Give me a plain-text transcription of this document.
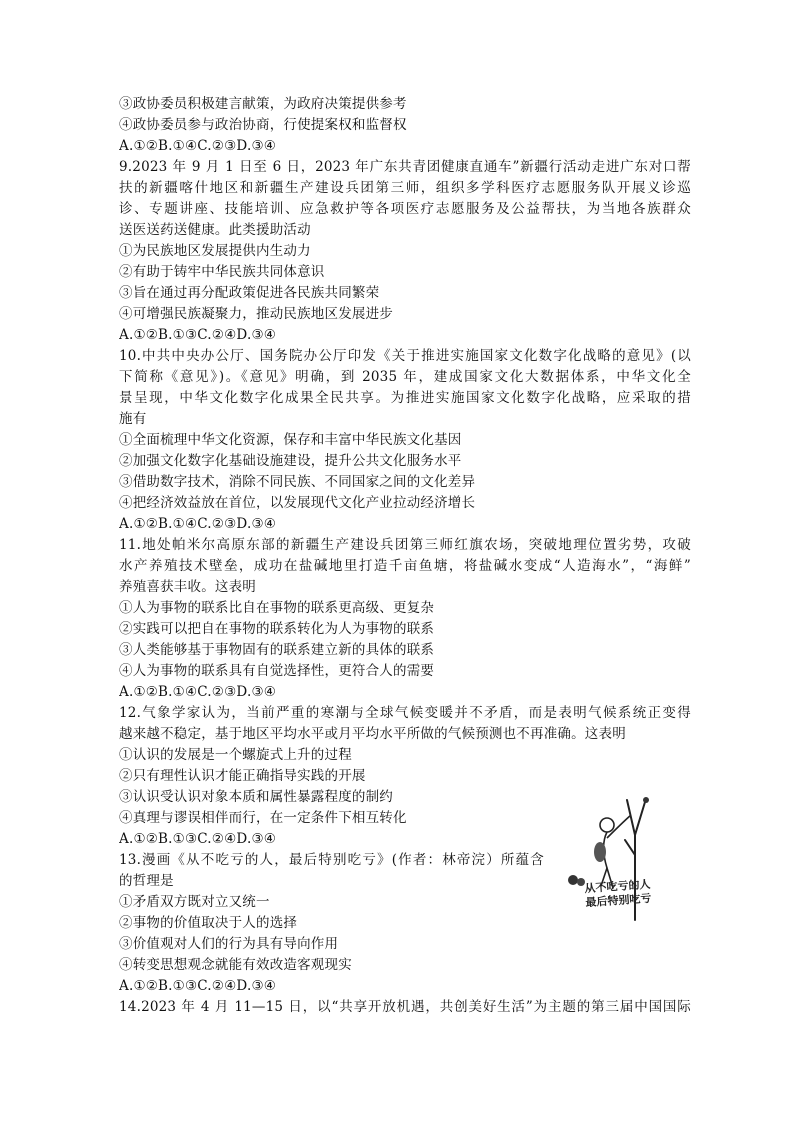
③政协委员积极建言献策，为政府决策提供参考
④政协委员参与政治协商，行使提案权和监督权
A.①②B.①④C.②③D.③④
9.2023 年 9 月 1 日至 6 日，2023 年广东共青团健康直通车”新疆行活动走进广东对口帮
扶的新疆喀什地区和新疆生产建设兵团第三师，组织多学科医疗志愿服务队开展义诊巡
诊、专题讲座、技能培训、应急救护等各项医疗志愿服务及公益帮扶，为当地各族群众
送医送药送健康。此类援助活动
①为民族地区发展提供内生动力
②有助于铸牢中华民族共同体意识
③旨在通过再分配政策促进各民族共同繁荣
④可增强民族凝聚力，推动民族地区发展进步
A.①②B.①③C.②④D.③④
10.中共中央办公厅、国务院办公厅印发《关于推进实施国家文化数字化战略的意见》(以
下简称《意见》)。《意见》明确，到 2035 年，建成国家文化大数据体系，中华文化全
景呈现，中华文化数字化成果全民共享。为推进实施国家文化数字化战略，应采取的措
施有
①全面梳理中华文化资源，保存和丰富中华民族文化基因
②加强文化数字化基础设施建设，提升公共文化服务水平
③借助数字技术，消除不同民族、不同国家之间的文化差异
④把经济效益放在首位，以发展现代文化产业拉动经济增长
A.①②B.①④C.②③D.③④
11.地处帕米尔高原东部的新疆生产建设兵团第三师红旗农场，突破地理位置劣势，攻破
水产养殖技术壁垒，成功在盐碱地里打造千亩鱼塘，将盐碱水变成“人造海水”，“海鲜”
养殖喜获丰收。这表明
①人为事物的联系比自在事物的联系更高级、更复杂
②实践可以把自在事物的联系转化为人为事物的联系
③人类能够基于事物固有的联系建立新的具体的联系
④人为事物的联系具有自觉选择性，更符合人的需要
A.①②B.①④C.②③D.③④
12.气象学家认为，当前严重的寒潮与全球气候变暖并不矛盾，而是表明气候系统正变得
越来越不稳定，基于地区平均水平或月平均水平所做的气候预测也不再准确。这表明
①认识的发展是一个螺旋式上升的过程
②只有理性认识才能正确指导实践的开展
③认识受认识对象本质和属性暴露程度的制约
④真理与谬误相伴而行，在一定条件下相互转化
A.①②B.①③C.②④D.③④
13.漫画《从不吃亏的人，最后特别吃亏》(作者：林帝浣）所蕴含
的哲理是
①矛盾双方既对立又统一
②事物的价值取决于人的选择
③价值观对人们的行为具有导向作用
④转变思想观念就能有效改造客观现实
A.①②B.①③C.②④D.③④
14.2023 年 4 月 11—15 日，以“共享开放机遇，共创美好生活”为主题的第三届中国国际
从不吃亏的人
最后特别吃亏
